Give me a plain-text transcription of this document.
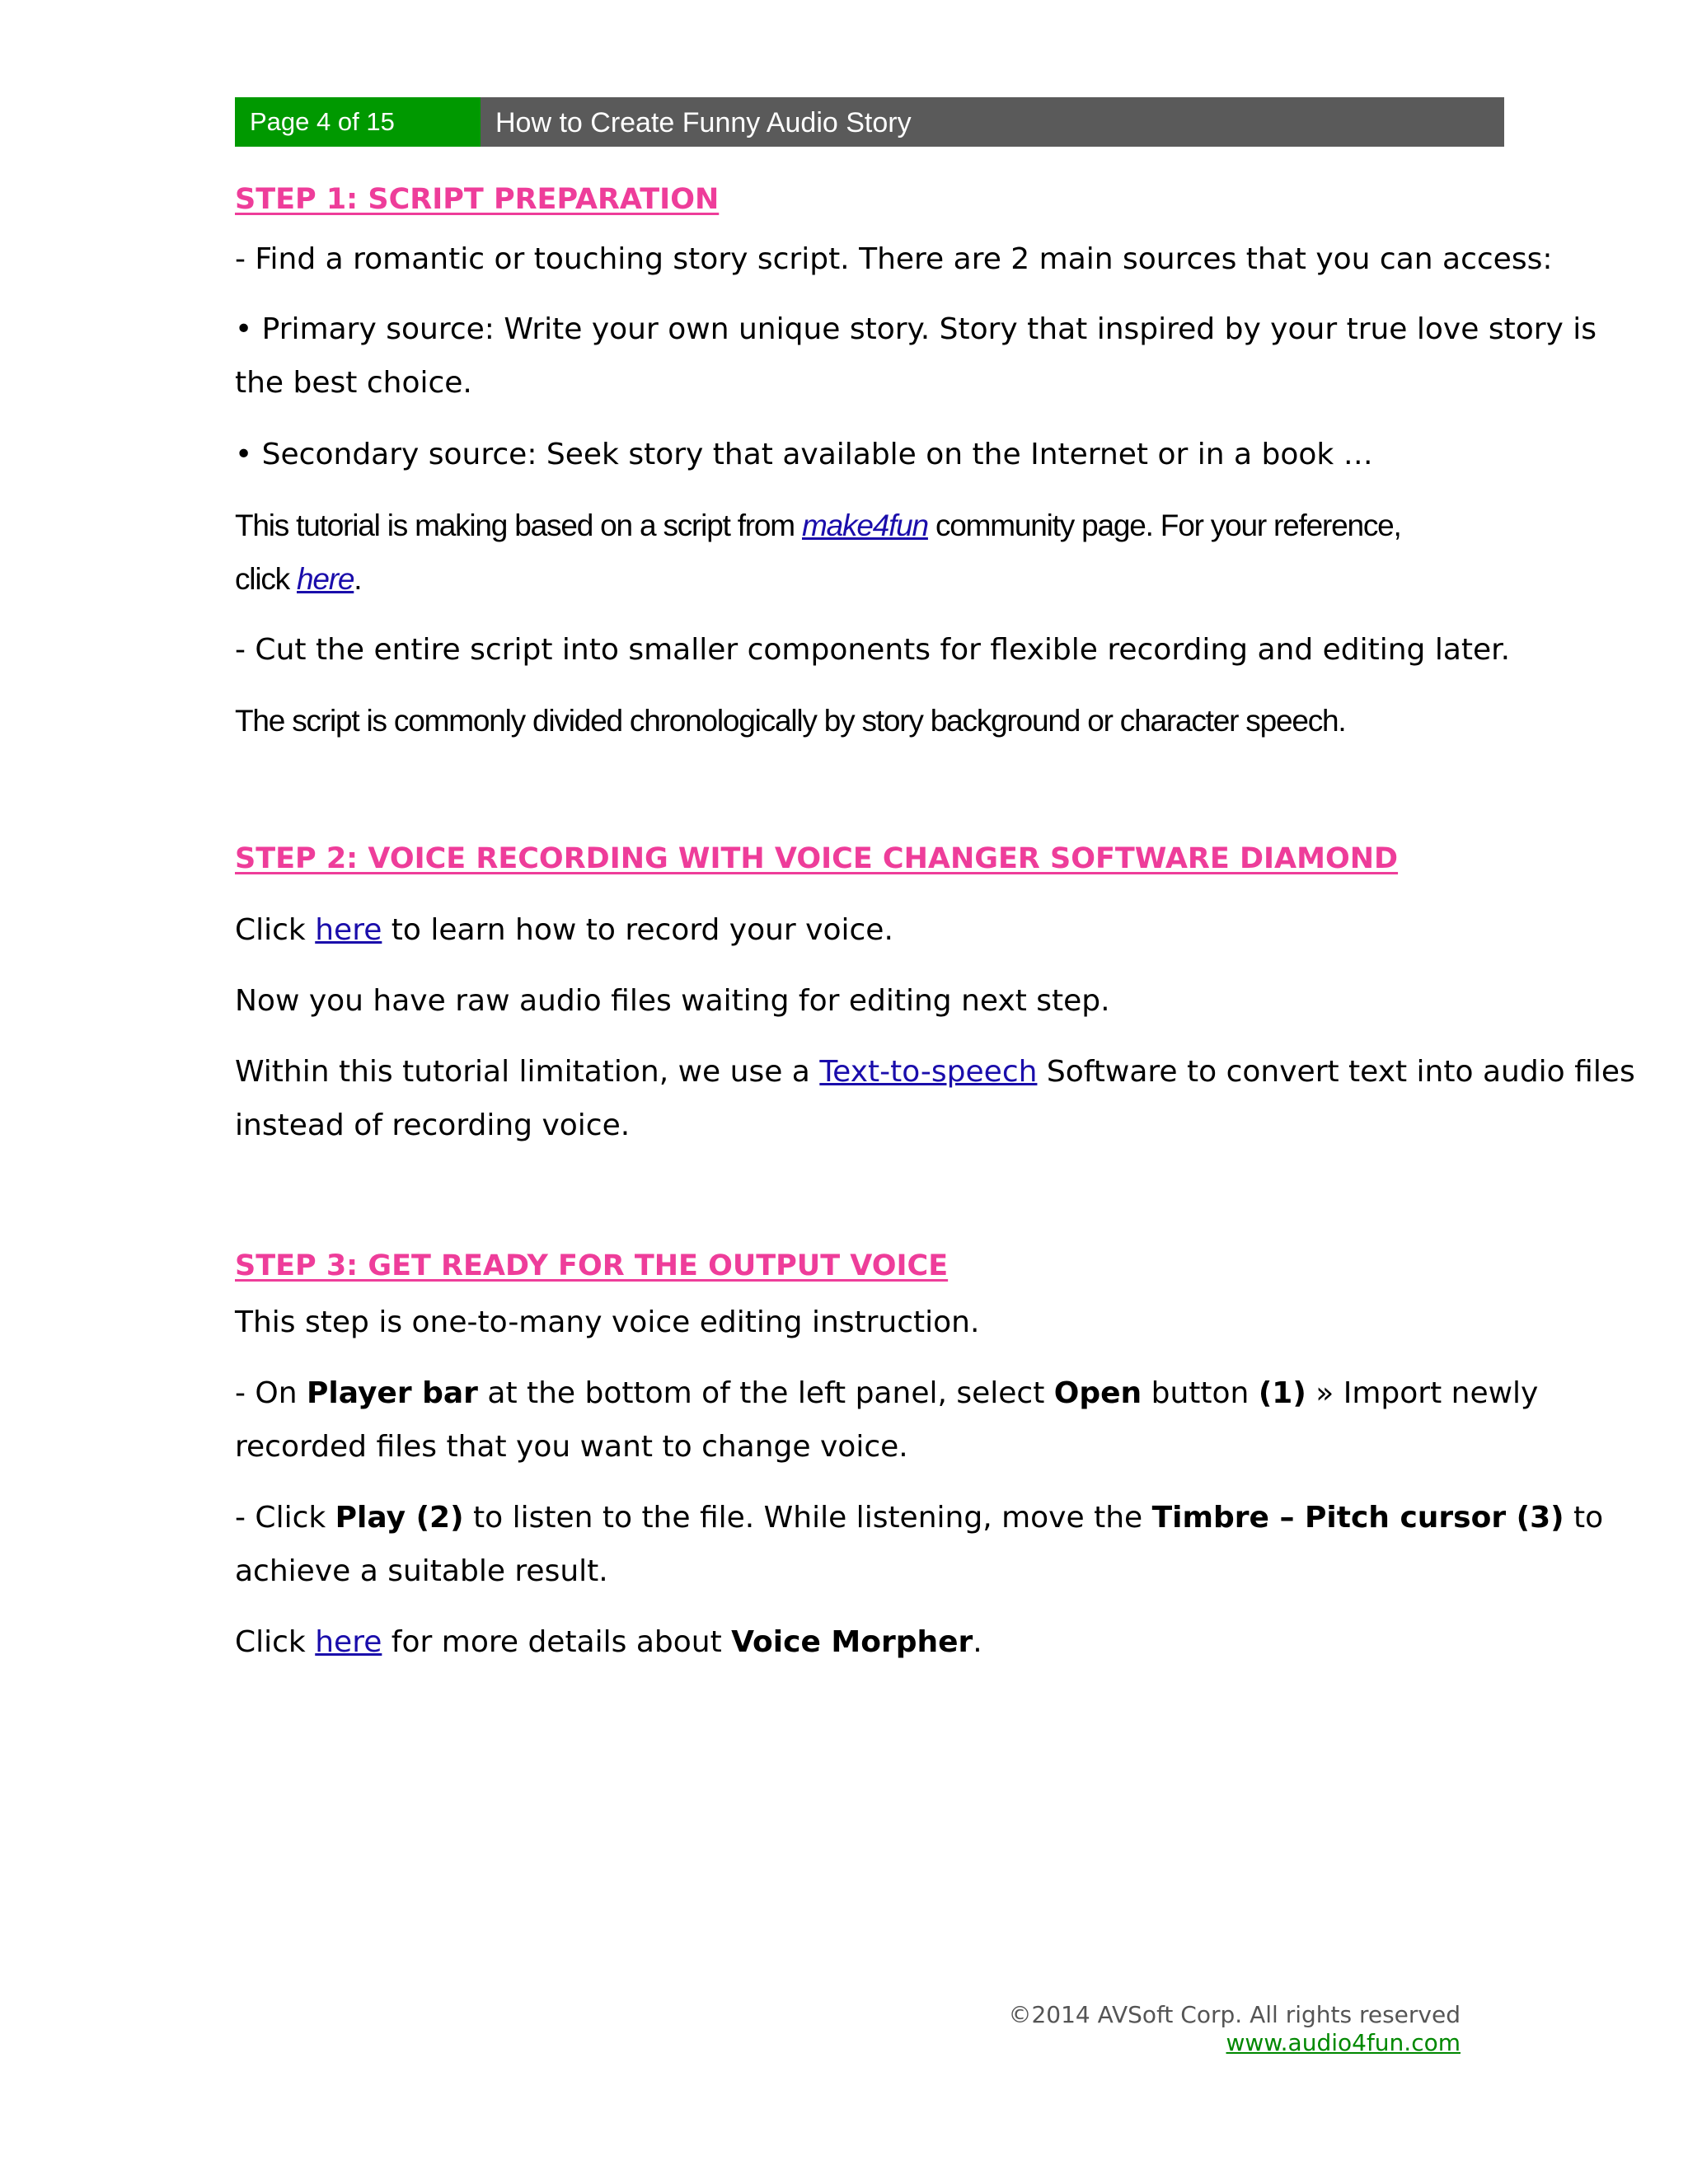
Page 4 of 15	How to Create Funny Audio Story
STEP 1: SCRIPT PREPARATION
- Find a romantic or touching story script. There are 2 main sources that you can access:
• Primary source: Write your own unique story. Story that inspired by your true love story is
the best choice.
• Secondary source: Seek story that available on the Internet or in a book …
This tutorial is making based on a script from make4fun community page. For your reference,
click here.
- Cut the entire script into smaller components for flexible recording and editing later.
The script is commonly divided chronologically by story background or character speech.
STEP 2: VOICE RECORDING WITH VOICE CHANGER SOFTWARE DIAMOND
Click here to learn how to record your voice.
Now you have raw audio files waiting for editing next step.
Within this tutorial limitation, we use a Text-to-speech Software to convert text into audio files
instead of recording voice.
STEP 3: GET READY FOR THE OUTPUT VOICE
This step is one-to-many voice editing instruction.
- On Player bar at the bottom of the left panel, select Open button (1) » Import newly
recorded files that you want to change voice.
- Click Play (2) to listen to the file. While listening, move the Timbre – Pitch cursor (3) to
achieve a suitable result.
Click here for more details about Voice Morpher.
©2014 AVSoft Corp. All rights reserved
www.audio4fun.com
